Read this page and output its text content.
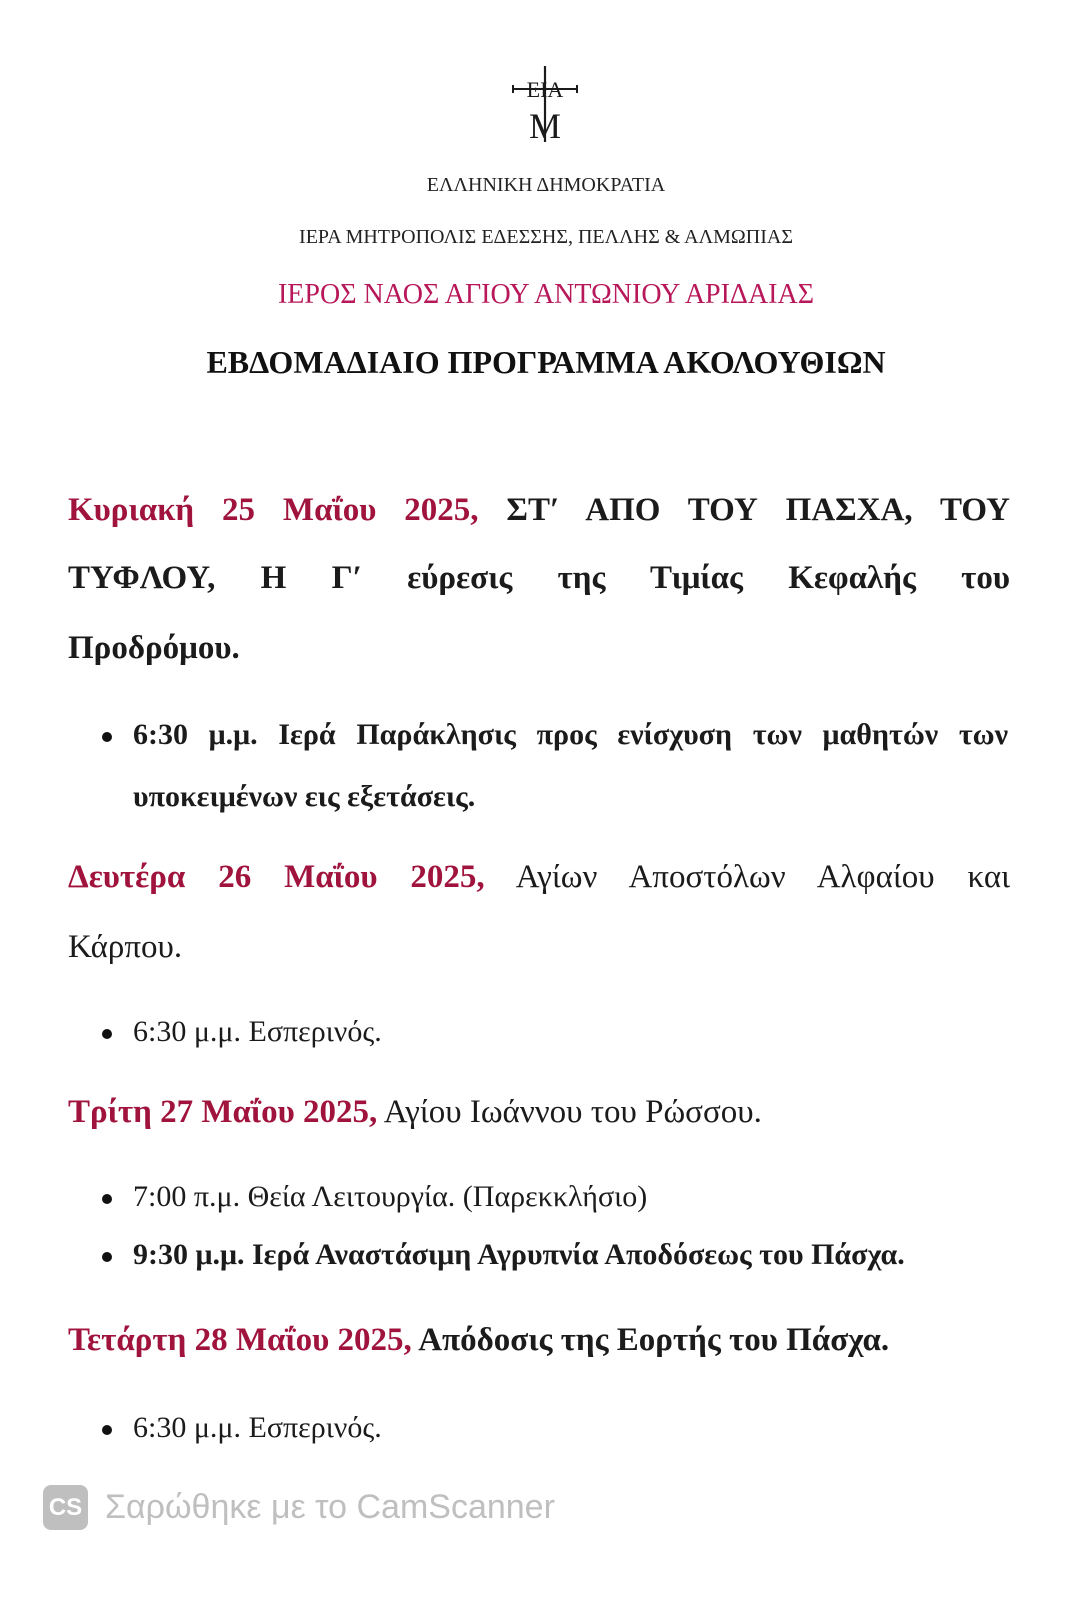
ΕΙΑ
Μ
ΕΛΛΗΝΙΚΗ ΔΗΜΟΚΡΑΤΙΑ
ΙΕΡΑ ΜΗΤΡΟΠΟΛΙΣ ΕΔΕΣΣΗΣ, ΠΕΛΛΗΣ & ΑΛΜΩΠΙΑΣ
ΙΕΡΟΣ ΝΑΟΣ ΑΓΙΟΥ ΑΝΤΩΝΙΟΥ ΑΡΙΔΑΙΑΣ
ΕΒΔΟΜΑΔΙΑΙΟ ΠΡΟΓΡΑΜΜΑ ΑΚΟΛΟΥΘΙΩΝ
Κυριακή 25 Μαΐου 2025, ΣΤ′ ΑΠΟ ΤΟΥ ΠΑΣΧΑ, ΤΟΥ
ΤΥΦΛΟΥ, Η Γ′ εύρεσις της Τιμίας Κεφαλής του
Προδρόμου.
6:30 μ.μ. Ιερά Παράκλησις προς ενίσχυση των μαθητών των
υποκειμένων εις εξετάσεις.
Δευτέρα 26 Μαΐου 2025, Αγίων Αποστόλων Αλφαίου και
Κάρπου.
6:30 μ.μ. Εσπερινός.
Τρίτη 27 Μαΐου 2025, Αγίου Ιωάννου του Ρώσσου.
7:00 π.μ. Θεία Λειτουργία. (Παρεκκλήσιο)
9:30 μ.μ. Ιερά Αναστάσιμη Αγρυπνία Αποδόσεως του Πάσχα.
Τετάρτη 28 Μαΐου 2025, Απόδοσις της Εορτής του Πάσχα.
6:30 μ.μ. Εσπερινός.
CS Σαρώθηκε με το CamScanner
